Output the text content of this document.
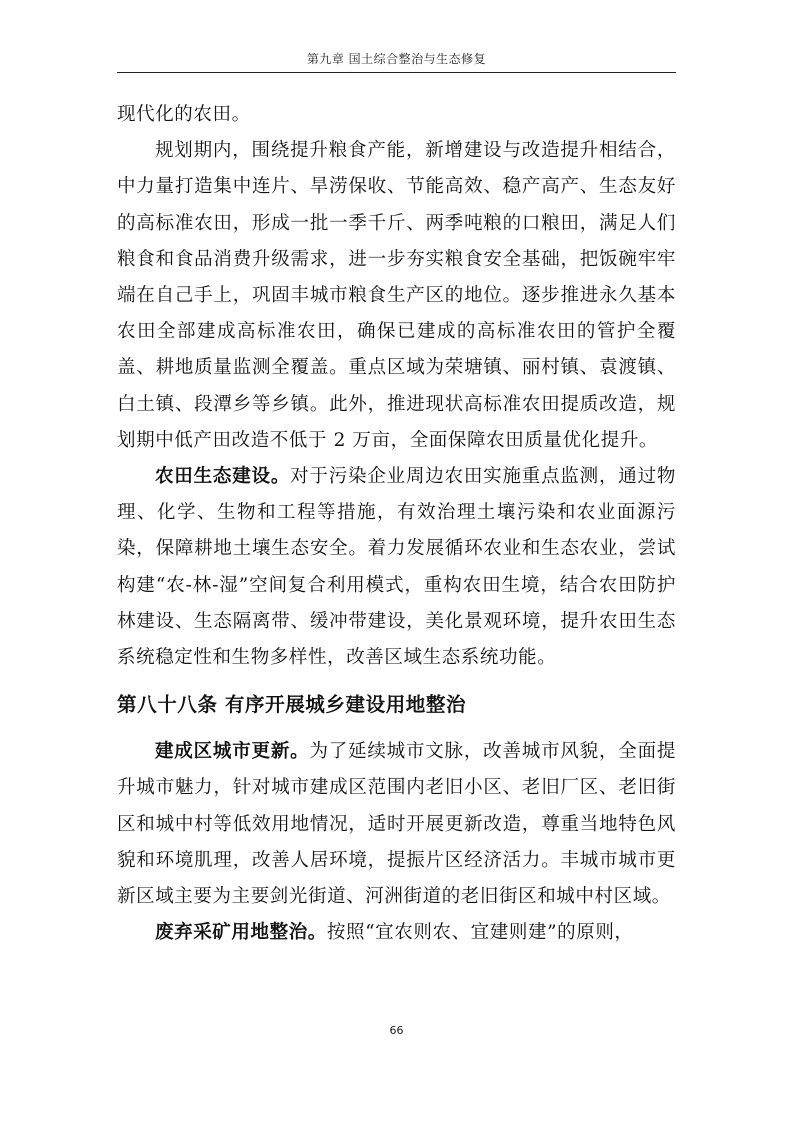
第九章 国土综合整治与生态修复

现代化的农田。

规划期内，围绕提升粮食产能，新增建设与改造提升相结合，中力量打造集中连片、旱涝保收、节能高效、稳产高产、生态友好的高标准农田，形成一批一季千斤、两季吨粮的口粮田，满足人们粮食和食品消费升级需求，进一步夯实粮食安全基础，把饭碗牢牢端在自己手上，巩固丰城市粮食生产区的地位。逐步推进永久基本农田全部建成高标准农田，确保已建成的高标准农田的管护全覆盖、耕地质量监测全覆盖。重点区域为荣塘镇、丽村镇、袁渡镇、白土镇、段潭乡等乡镇。此外，推进现状高标准农田提质改造，规划期中低产田改造不低于 2 万亩，全面保障农田质量优化提升。

农田生态建设。对于污染企业周边农田实施重点监测，通过物理、化学、生物和工程等措施，有效治理土壤污染和农业面源污染，保障耕地土壤生态安全。着力发展循环农业和生态农业，尝试构建“农-林-湿”空间复合利用模式，重构农田生境，结合农田防护林建设、生态隔离带、缓冲带建设，美化景观环境，提升农田生态系统稳定性和生物多样性，改善区域生态系统功能。

第八十八条 有序开展城乡建设用地整治

建成区城市更新。为了延续城市文脉，改善城市风貌，全面提升城市魅力，针对城市建成区范围内老旧小区、老旧厂区、老旧街区和城中村等低效用地情况，适时开展更新改造，尊重当地特色风貌和环境肌理，改善人居环境，提振片区经济活力。丰城市城市更新区域主要为主要剑光街道、河洲街道的老旧街区和城中村区域。

废弃采矿用地整治。按照“宜农则农、宜建则建”的原则，

66
